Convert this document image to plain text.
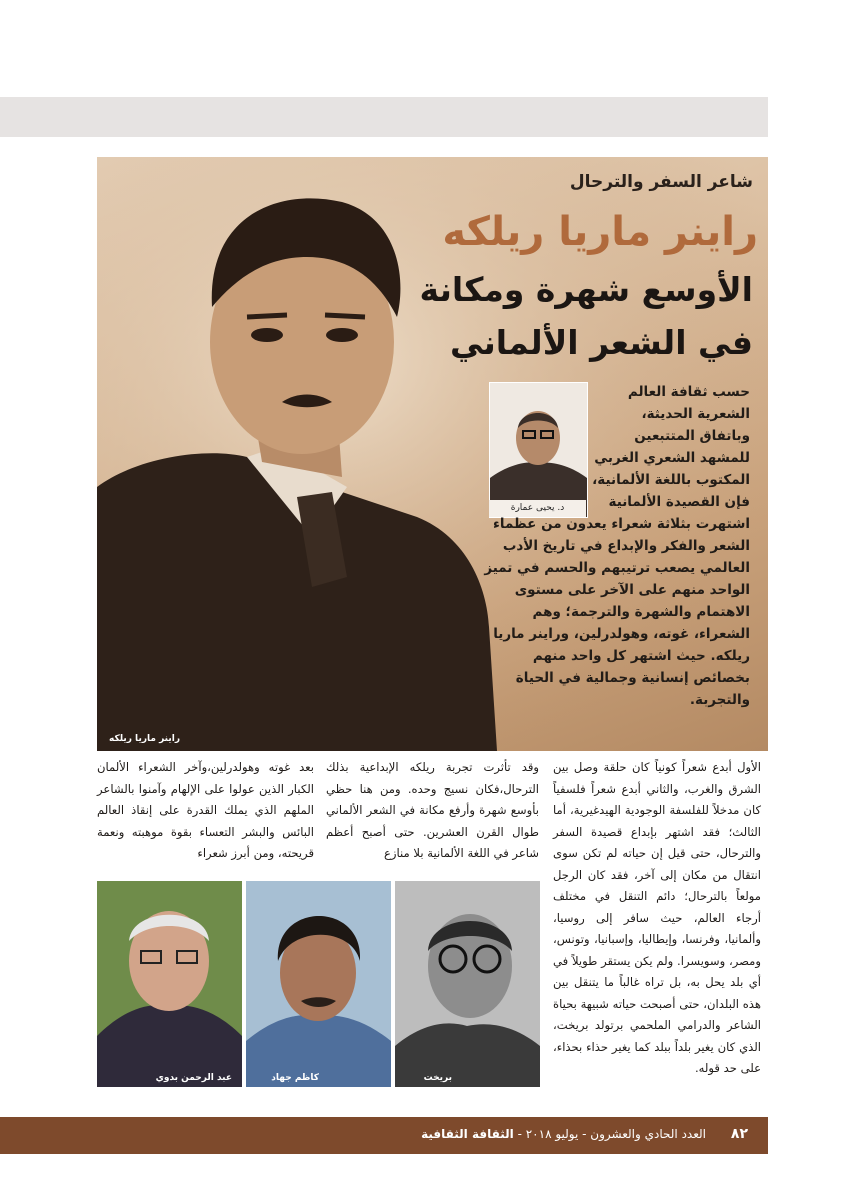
شاعر السفر والترحال
راينر ماريا ريلكه
الأوسع شهرة ومكانة
في الشعر الألماني
د. يحيى عمارة
حسب ثقافة العالم الشعرية الحديثة، وباتفاق المتتبعين للمشهد الشعري الغربي المكتوب باللغة الألمانية، فإن القصيدة الألمانية
اشتهرت بثلاثة شعراء يعدون من عظماء الشعر والفكر والإبداع في تاريخ الأدب العالمي يصعب ترتيبهم والحسم في تميز الواحد منهم على الآخر على مستوى الاهتمام والشهرة والترجمة؛ وهم الشعراء، غوته، وهولدرلين، وراينر ماريا ريلكه. حيث اشتهر كل واحد منهم بخصائص إنسانية وجمالية في الحياة والتجربة.
راينر ماريا ريلكه
الأول أبدع شعراً كونياً كان حلقة وصل بين الشرق والغرب، والثاني أبدع شعراً فلسفياً كان مدخلاً للفلسفة الوجودية الهيدغيرية، أما الثالث؛ فقد اشتهر بإبداع قصيدة السفر والترحال، حتى قيل إن حياته لم تكن سوى انتقال من مكان إلى آخر، فقد كان الرجل مولعاً بالترحال؛ دائم التنقل في مختلف أرجاء العالم، حيث سافر إلى روسيا، وألمانيا، وفرنسا، وإيطاليا، وإسبانيا، وتونس، ومصر، وسويسرا. ولم يكن يستقر طويلاً في أي بلد يحل به، بل تراه غالباً ما يتنقل بين هذه البلدان، حتى أصبحت حياته شبيهة بحياة الشاعر والدرامي الملحمي برتولد بريخت، الذي كان يغير بلداً ببلد كما يغير حذاء بحذاء، على حد قوله.
وقد تأثرت تجربة ريلكه الإبداعية بذلك الترحال،فكان نسيج وحده. ومن هنا حظي بأوسع شهرة وأرفع مكانة في الشعر الألماني طوال القرن العشرين. حتى أصبح أعظم شاعر في اللغة الألمانية بلا منازع
بعد غوته وهولدرلين،وآخر الشعراء الألمان الكبار الذين عولوا على الإلهام وآمنوا بالشاعر الملهم الذي يملك القدرة على إنقاذ العالم البائس والبشر التعساء بقوة موهبته ونعمة قريحته، ومن أبرز شعراء
بريخت
كاظم جهاد
عبد الرحمن بدوي
العدد الحادي والعشرون - يوليو ٢٠١٨ - الثقافة الثقافية	٨٢
